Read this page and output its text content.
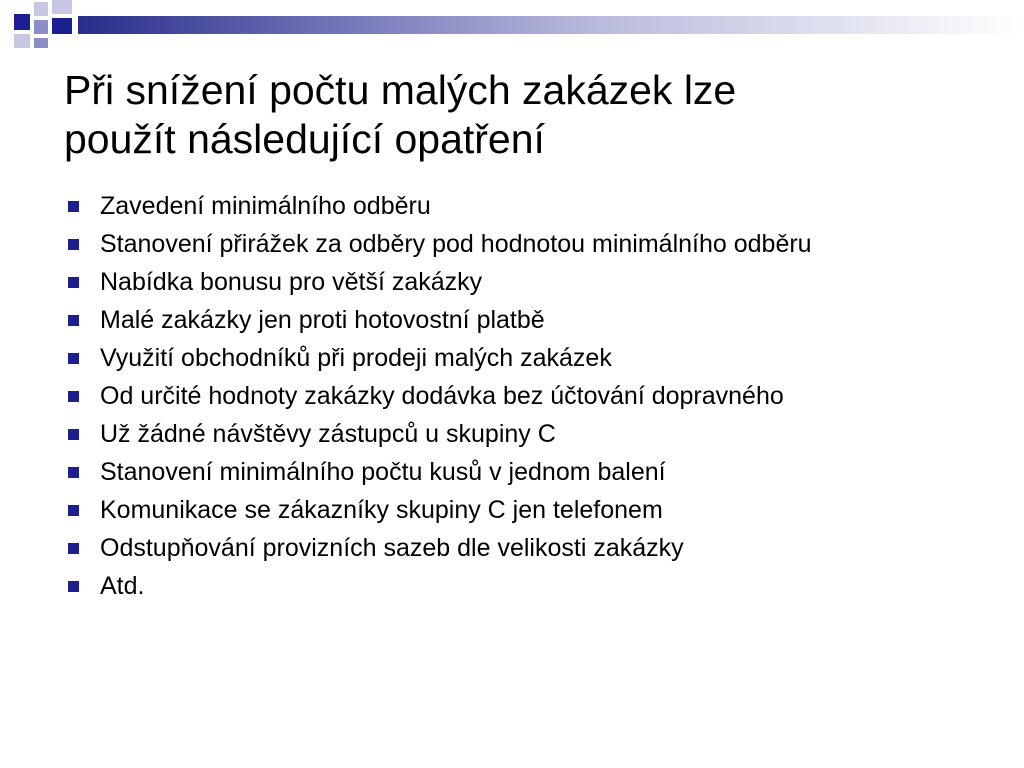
Při snížení počtu malých zakázek lze
použít následující opatření
Zavedení minimálního odběru
Stanovení přirážek za odběry pod hodnotou minimálního odběru
Nabídka bonusu pro větší zakázky
Malé zakázky jen proti hotovostní platbě
Využití obchodníků při prodeji malých zakázek
Od určité hodnoty zakázky dodávka bez účtování dopravného
Už žádné návštěvy zástupců u skupiny C
Stanovení minimálního počtu kusů v jednom balení
Komunikace se zákazníky skupiny C jen telefonem
Odstupňování provizních sazeb dle velikosti zakázky
Atd.
